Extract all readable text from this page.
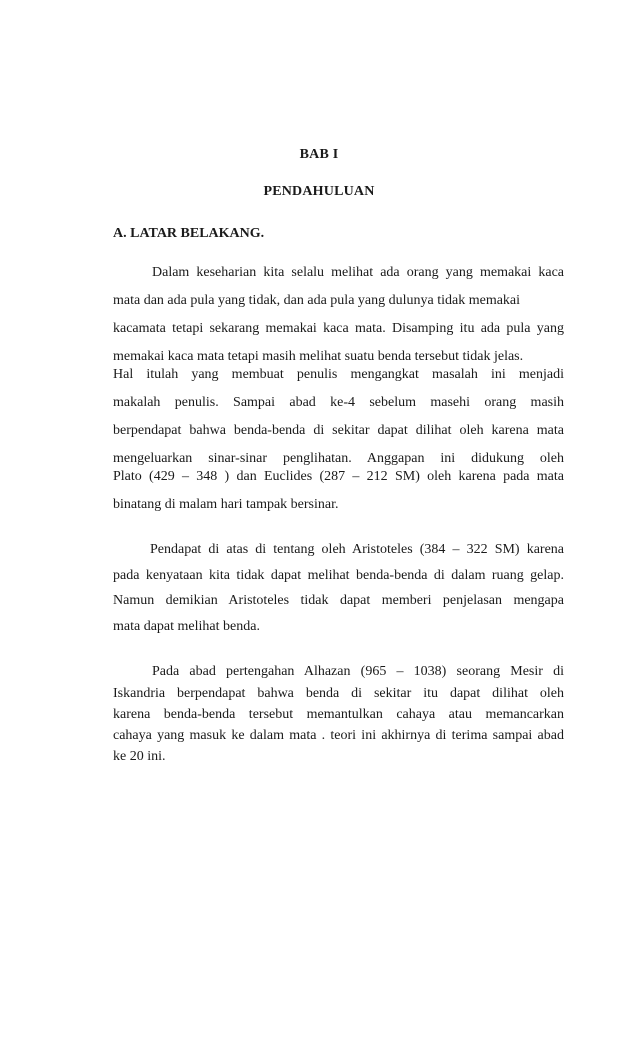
BAB I
PENDAHULUAN
A. LATAR BELAKANG.
Dalam keseharian kita selalu melihat ada orang yang memakai kaca
mata dan ada pula yang tidak, dan ada pula yang dulunya tidak memakai
kacamata tetapi sekarang memakai kaca mata. Disamping itu ada pula yang
memakai kaca mata tetapi masih melihat suatu benda tersebut tidak jelas.
Hal itulah yang membuat penulis mengangkat masalah ini menjadi
makalah penulis. Sampai abad ke-4 sebelum masehi orang masih
berpendapat bahwa benda-benda di sekitar dapat dilihat oleh karena mata
mengeluarkan sinar-sinar penglihatan. Anggapan ini didukung oleh
Plato (429 – 348 ) dan Euclides (287 – 212 SM) oleh karena pada mata
binatang di malam hari tampak bersinar.
Pendapat di atas di tentang oleh Aristoteles (384 – 322 SM) karena
pada kenyataan kita tidak dapat melihat benda-benda di dalam ruang gelap.
Namun demikian Aristoteles tidak dapat memberi penjelasan mengapa
mata dapat melihat benda.
Pada abad pertengahan Alhazan (965 – 1038) seorang Mesir di
Iskandria berpendapat bahwa benda di sekitar itu dapat dilihat oleh
karena benda-benda tersebut memantulkan cahaya atau memancarkan
cahaya yang masuk ke dalam mata . teori ini akhirnya di terima sampai abad
ke 20 ini.
